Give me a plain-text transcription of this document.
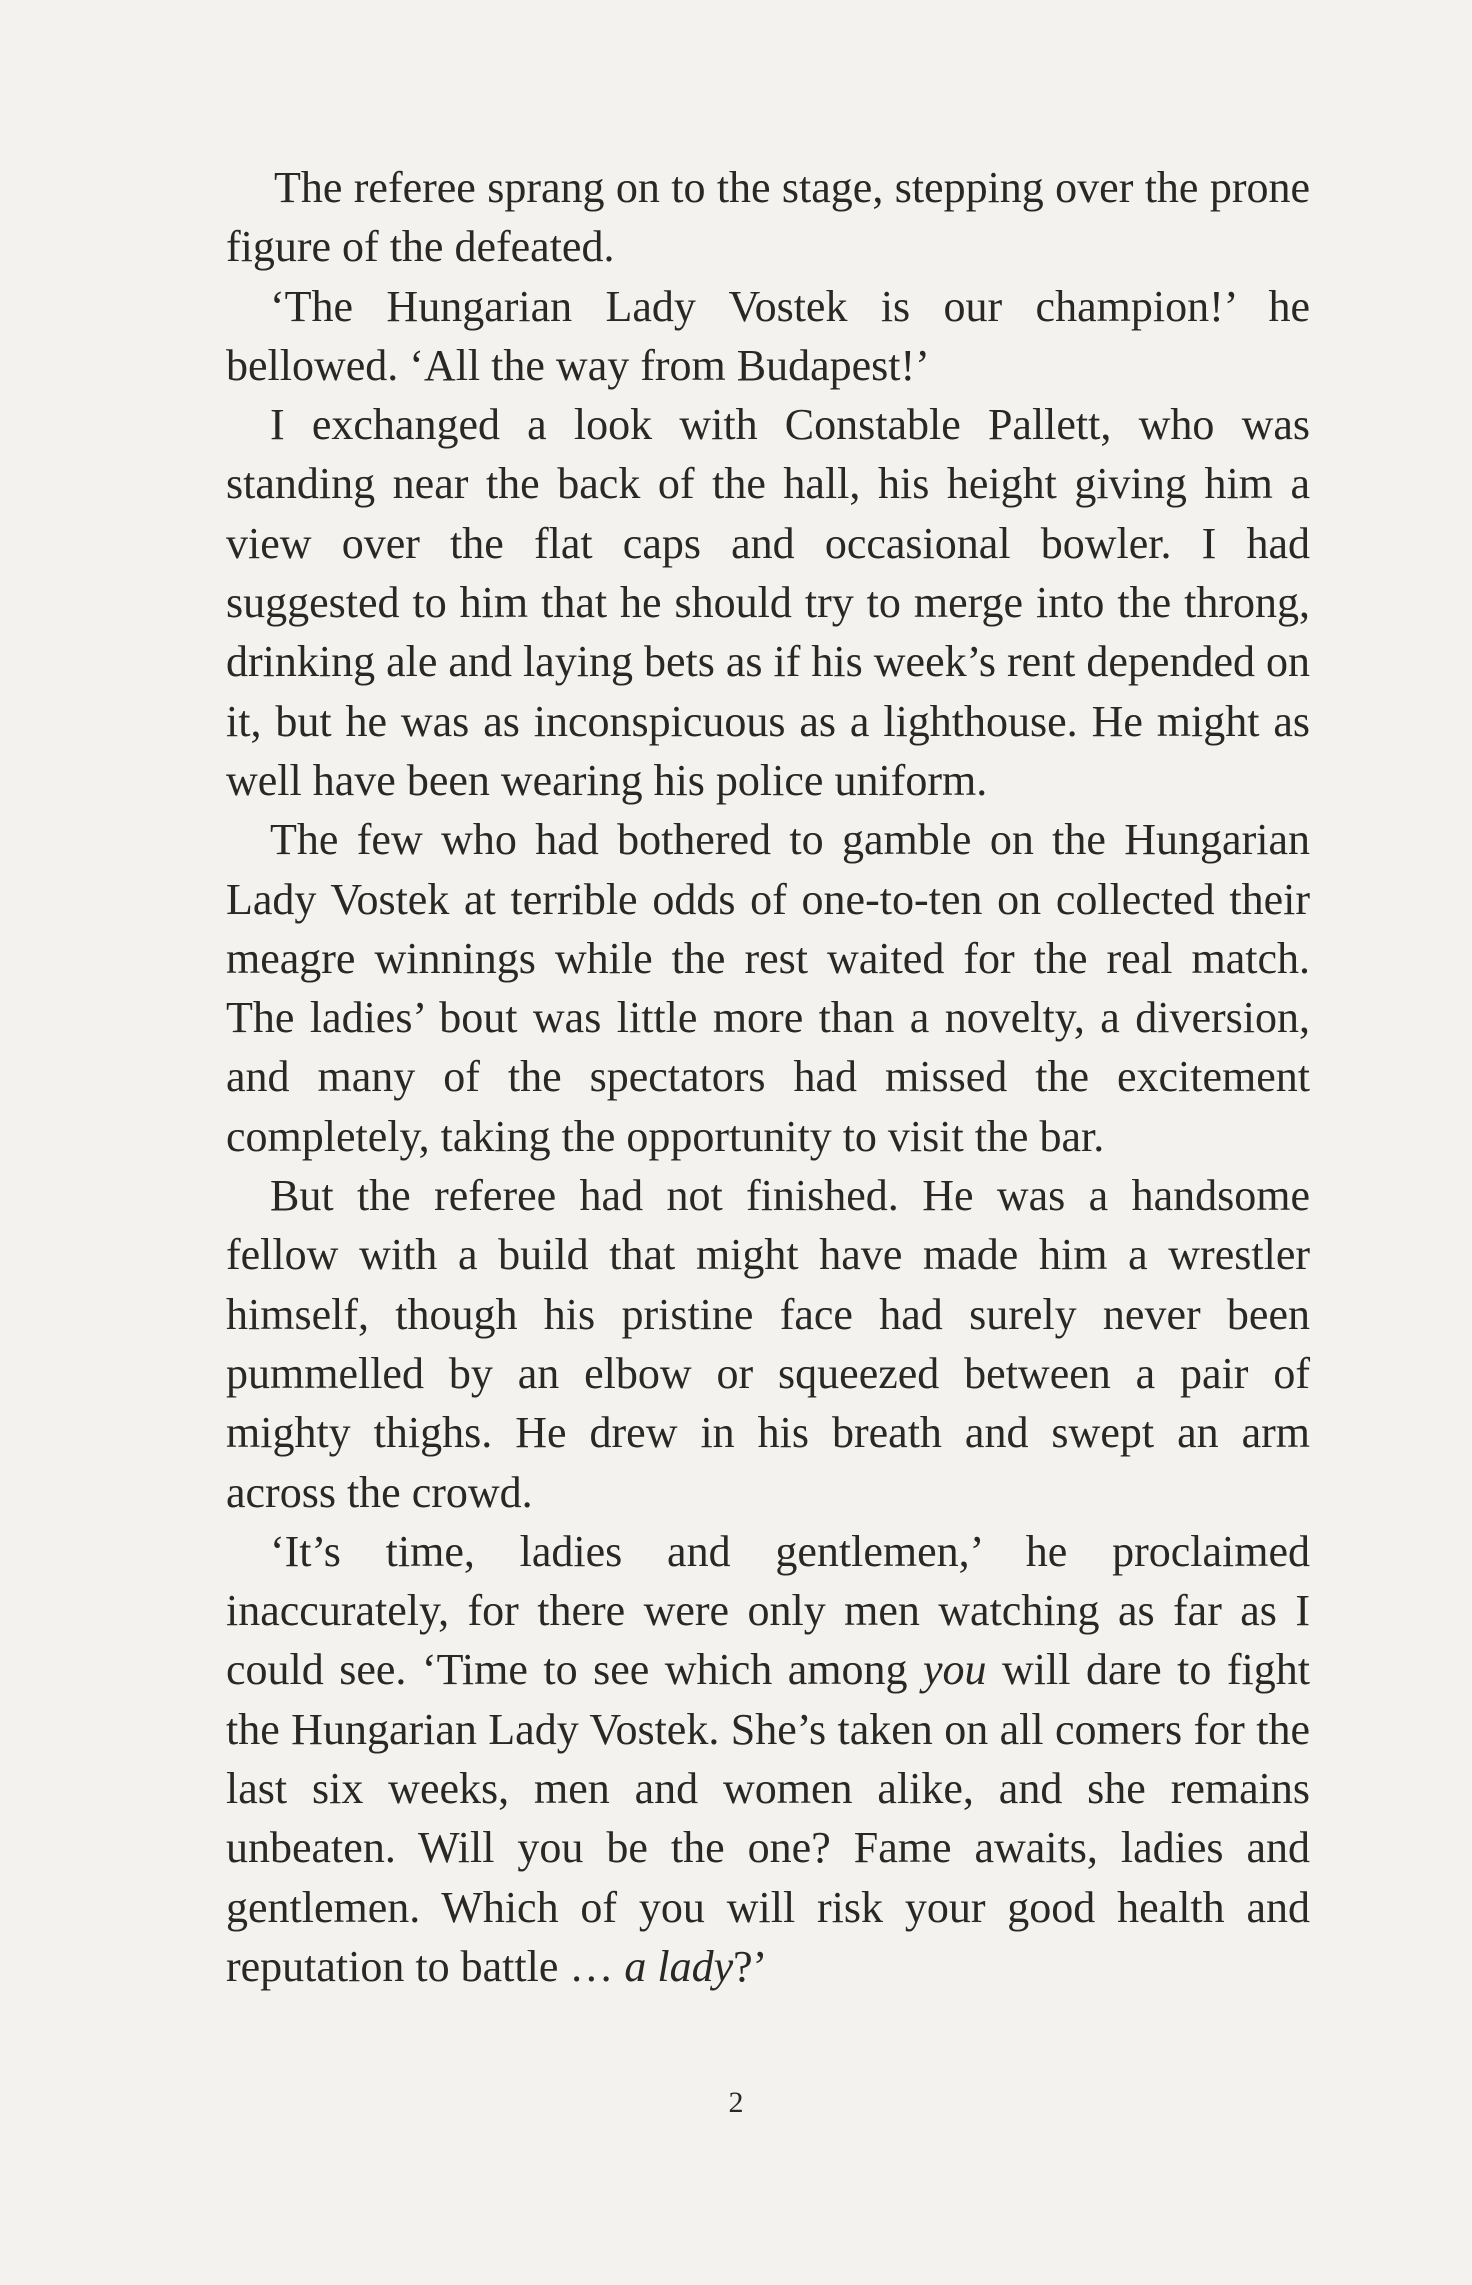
The referee sprang on to the stage, stepping over the prone figure of the defeated.

‘The Hungarian Lady Vostek is our champion!’ he bellowed. ‘All the way from Budapest!’

I exchanged a look with Constable Pallett, who was standing near the back of the hall, his height giving him a view over the flat caps and occasional bowler. I had suggested to him that he should try to merge into the throng, drinking ale and laying bets as if his week’s rent depended on it, but he was as inconspicuous as a lighthouse. He might as well have been wearing his police uniform.

The few who had bothered to gamble on the Hungarian Lady Vostek at terrible odds of one-to-ten on collected their meagre winnings while the rest waited for the real match. The ladies’ bout was little more than a novelty, a diversion, and many of the spectators had missed the excitement completely, taking the opportunity to visit the bar.

But the referee had not finished. He was a handsome fellow with a build that might have made him a wrestler himself, though his pristine face had surely never been pummelled by an elbow or squeezed between a pair of mighty thighs. He drew in his breath and swept an arm across the crowd.

‘It’s time, ladies and gentlemen,’ he proclaimed inaccurately, for there were only men watching as far as I could see. ‘Time to see which among you will dare to fight the Hungarian Lady Vostek. She’s taken on all comers for the last six weeks, men and women alike, and she remains unbeaten. Will you be the one? Fame awaits, ladies and gentlemen. Which of you will risk your good health and reputation to battle … a lady?’

2
